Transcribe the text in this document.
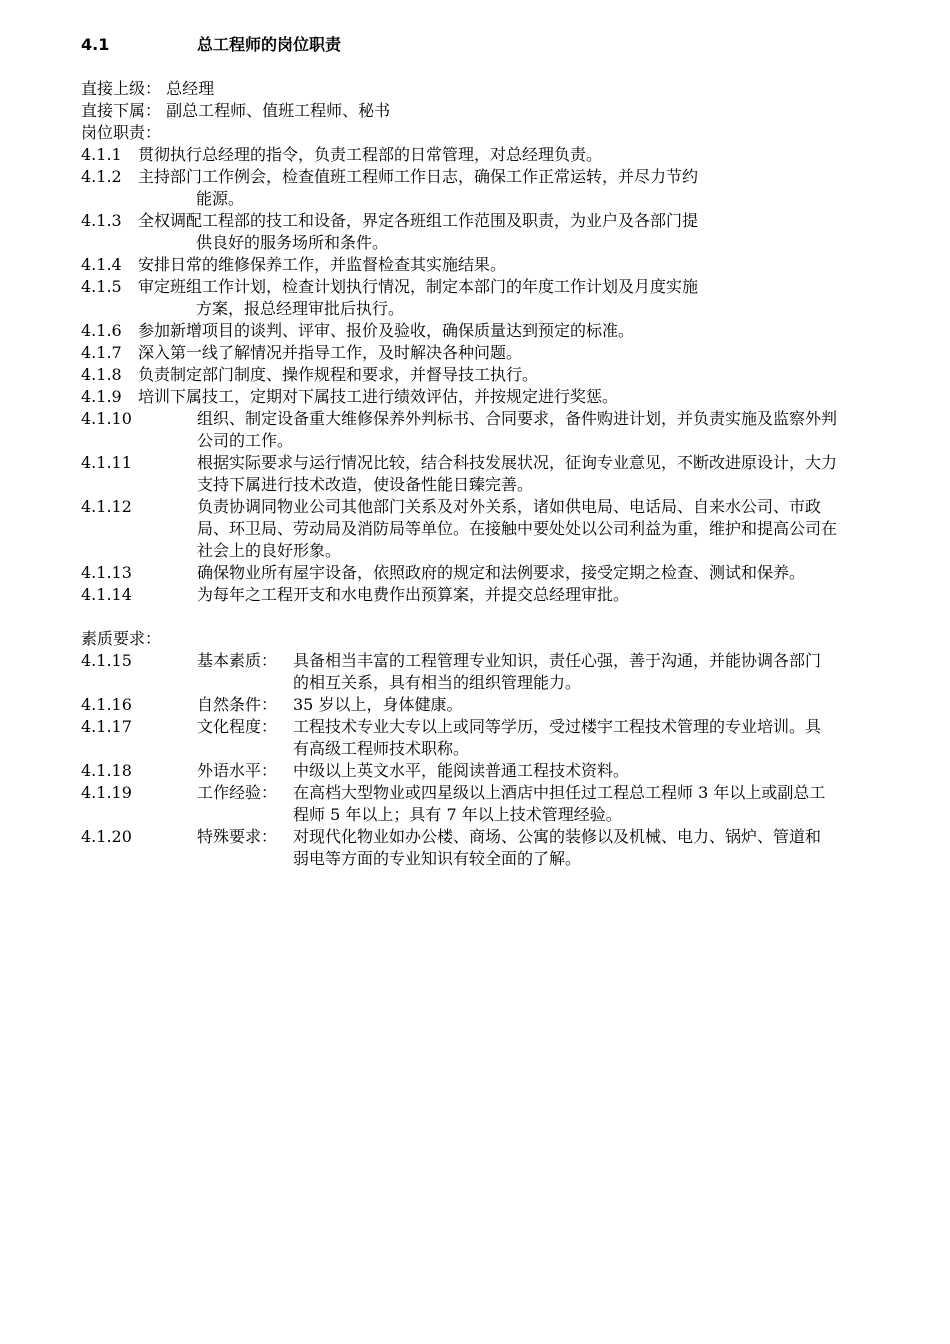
4.1	总工程师的岗位职责
直接上级： 总经理
直接下属： 副总工程师、值班工程师、秘书
岗位职责：
4.1.1	贯彻执行总经理的指令，负责工程部的日常管理，对总经理负责。
4.1.2	主持部门工作例会，检查值班工程师工作日志，确保工作正常运转，并尽力节约
能源。
4.1.3	全权调配工程部的技工和设备，界定各班组工作范围及职责，为业户及各部门提
供良好的服务场所和条件。
4.1.4	安排日常的维修保养工作，并监督检查其实施结果。
4.1.5	审定班组工作计划，检查计划执行情况，制定本部门的年度工作计划及月度实施
方案，报总经理审批后执行。
4.1.6	参加新增项目的谈判、评审、报价及验收，确保质量达到预定的标准。
4.1.7	深入第一线了解情况并指导工作，及时解决各种问题。
4.1.8	负责制定部门制度、操作规程和要求，并督导技工执行。
4.1.9	培训下属技工，定期对下属技工进行绩效评估，并按规定进行奖惩。
4.1.10	组织、制定设备重大维修保养外判标书、合同要求，备件购进计划，并负责实施及监察外判公司的工作。
4.1.11	根据实际要求与运行情况比较，结合科技发展状况，征询专业意见，不断改进原设计，大力支持下属进行技术改造，使设备性能日臻完善。
4.1.12	负责协调同物业公司其他部门关系及对外关系，诸如供电局、电话局、自来水公司、市政局、环卫局、劳动局及消防局等单位。在接触中要处处以公司利益为重，维护和提高公司在社会上的良好形象。
4.1.13	确保物业所有屋宇设备，依照政府的规定和法例要求，接受定期之检查、测试和保养。
4.1.14	为每年之工程开支和水电费作出预算案，并提交总经理审批。
素质要求：
4.1.15	基本素质： 具备相当丰富的工程管理专业知识，责任心强，善于沟通，并能协调各部门的相互关系，具有相当的组织管理能力。
4.1.16	自然条件： 35 岁以上，身体健康。
4.1.17	文化程度： 工程技术专业大专以上或同等学历，受过楼宇工程技术管理的专业培训。具有高级工程师技术职称。
4.1.18	外语水平： 中级以上英文水平，能阅读普通工程技术资料。
4.1.19	工作经验： 在高档大型物业或四星级以上酒店中担任过工程总工程师 3 年以上或副总工程师 5 年以上；具有 7 年以上技术管理经验。
4.1.20	特殊要求： 对现代化物业如办公楼、商场、公寓的装修以及机械、电力、锅炉、管道和弱电等方面的专业知识有较全面的了解。
